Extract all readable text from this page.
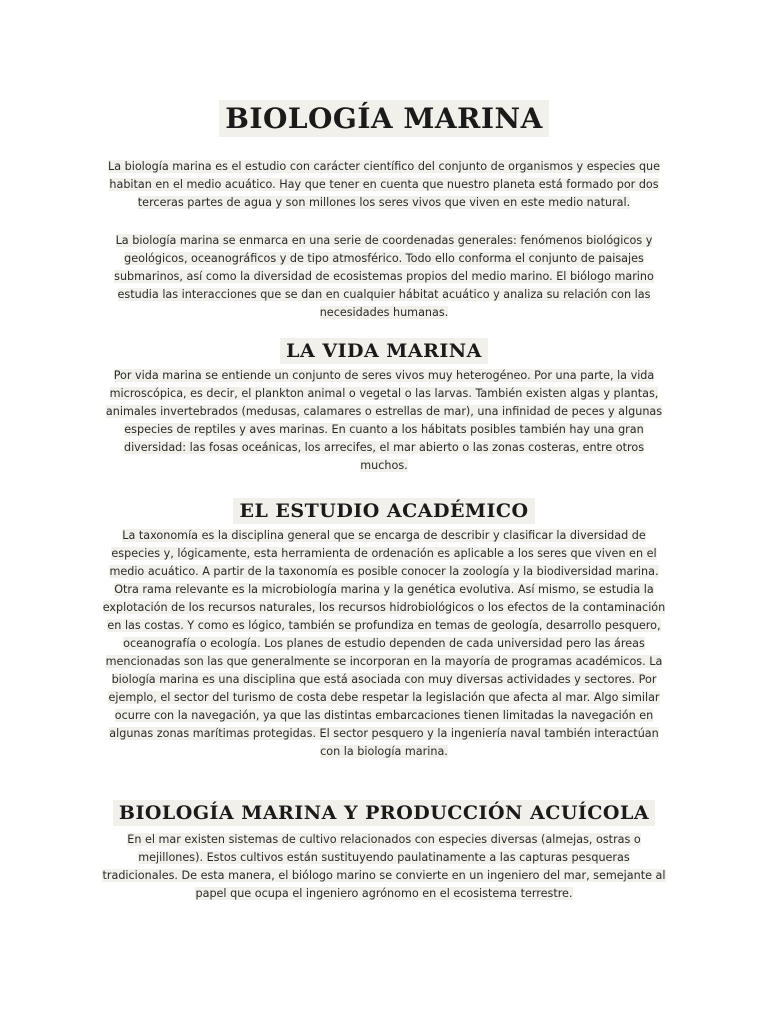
BIOLOGÍA MARINA

La biología marina es el estudio con carácter científico del conjunto de organismos y especies que habitan en el medio acuático. Hay que tener en cuenta que nuestro planeta está formado por dos terceras partes de agua y son millones los seres vivos que viven en este medio natural.

La biología marina se enmarca en una serie de coordenadas generales: fenómenos biológicos y geológicos, oceanográficos y de tipo atmosférico. Todo ello conforma el conjunto de paisajes submarinos, así como la diversidad de ecosistemas propios del medio marino. El biólogo marino estudia las interacciones que se dan en cualquier hábitat acuático y analiza su relación con las necesidades humanas.

LA VIDA MARINA

Por vida marina se entiende un conjunto de seres vivos muy heterogéneo. Por una parte, la vida microscópica, es decir, el plankton animal o vegetal o las larvas. También existen algas y plantas, animales invertebrados (medusas, calamares o estrellas de mar), una infinidad de peces y algunas especies de reptiles y aves marinas. En cuanto a los hábitats posibles también hay una gran diversidad: las fosas oceánicas, los arrecifes, el mar abierto o las zonas costeras, entre otros muchos.

EL ESTUDIO ACADÉMICO

La taxonomía es la disciplina general que se encarga de describir y clasificar la diversidad de especies y, lógicamente, esta herramienta de ordenación es aplicable a los seres que viven en el medio acuático. A partir de la taxonomía es posible conocer la zoología y la biodiversidad marina. Otra rama relevante es la microbiología marina y la genética evolutiva. Así mismo, se estudia la explotación de los recursos naturales, los recursos hidrobiológicos o los efectos de la contaminación en las costas. Y como es lógico, también se profundiza en temas de geología, desarrollo pesquero, oceanografía o ecología. Los planes de estudio dependen de cada universidad pero las áreas mencionadas son las que generalmente se incorporan en la mayoría de programas académicos. La biología marina es una disciplina que está asociada con muy diversas actividades y sectores. Por ejemplo, el sector del turismo de costa debe respetar la legislación que afecta al mar. Algo similar ocurre con la navegación, ya que las distintas embarcaciones tienen limitadas la navegación en algunas zonas marítimas protegidas. El sector pesquero y la ingeniería naval también interactúan con la biología marina.

BIOLOGÍA MARINA Y PRODUCCIÓN ACUÍCOLA

En el mar existen sistemas de cultivo relacionados con especies diversas (almejas, ostras o mejillones). Estos cultivos están sustituyendo paulatinamente a las capturas pesqueras tradicionales. De esta manera, el biólogo marino se convierte en un ingeniero del mar, semejante al papel que ocupa el ingeniero agrónomo en el ecosistema terrestre.
